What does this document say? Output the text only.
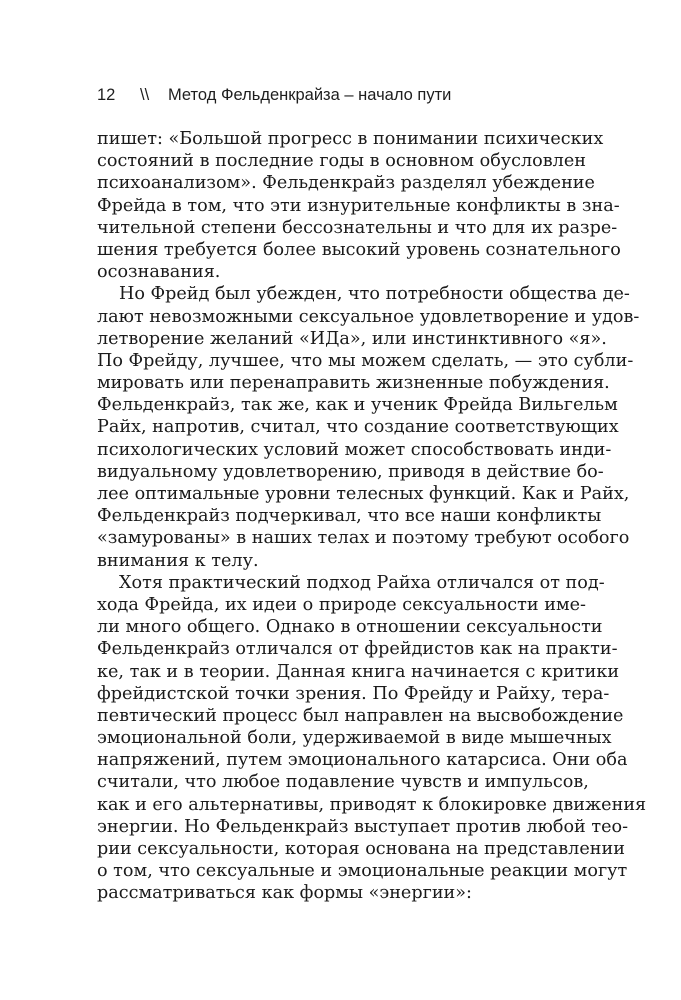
12 \\ Метод Фельденкрайза – начало пути
пишет: «Большой прогресс в понимании психических
состояний в последние годы в основном обусловлен
психоанализом». Фельденкрайз разделял убеждение
Фрейда в том, что эти изнурительные конфликты в зна-
чительной степени бессознательны и что для их разре-
шения требуется более высокий уровень сознательного
осознавания.
Но Фрейд был убежден, что потребности общества де-
лают невозможными сексуальное удовлетворение и удов-
летворение желаний «ИДа», или инстинктивного «я».
По Фрейду, лучшее, что мы можем сделать, — это субли-
мировать или перенаправить жизненные побуждения.
Фельденкрайз, так же, как и ученик Фрейда Вильгельм
Райх, напротив, считал, что создание соответствующих
психологических условий может способствовать инди-
видуальному удовлетворению, приводя в действие бо-
лее оптимальные уровни телесных функций. Как и Райх,
Фельденкрайз подчеркивал, что все наши конфликты
«замурованы» в наших телах и поэтому требуют особого
внимания к телу.
Хотя практический подход Райха отличался от под-
хода Фрейда, их идеи о природе сексуальности име-
ли много общего. Однако в отношении сексуальности
Фельденкрайз отличался от фрейдистов как на практи-
ке, так и в теории. Данная книга начинается с критики
фрейдистской точки зрения. По Фрейду и Райху, тера-
певтический процесс был направлен на высвобождение
эмоциональной боли, удерживаемой в виде мышечных
напряжений, путем эмоционального катарсиса. Они оба
считали, что любое подавление чувств и импульсов,
как и его альтернативы, приводят к блокировке движения
энергии. Но Фельденкрайз выступает против любой тео-
рии сексуальности, которая основана на представлении
о том, что сексуальные и эмоциональные реакции могут
рассматриваться как формы «энергии»:
